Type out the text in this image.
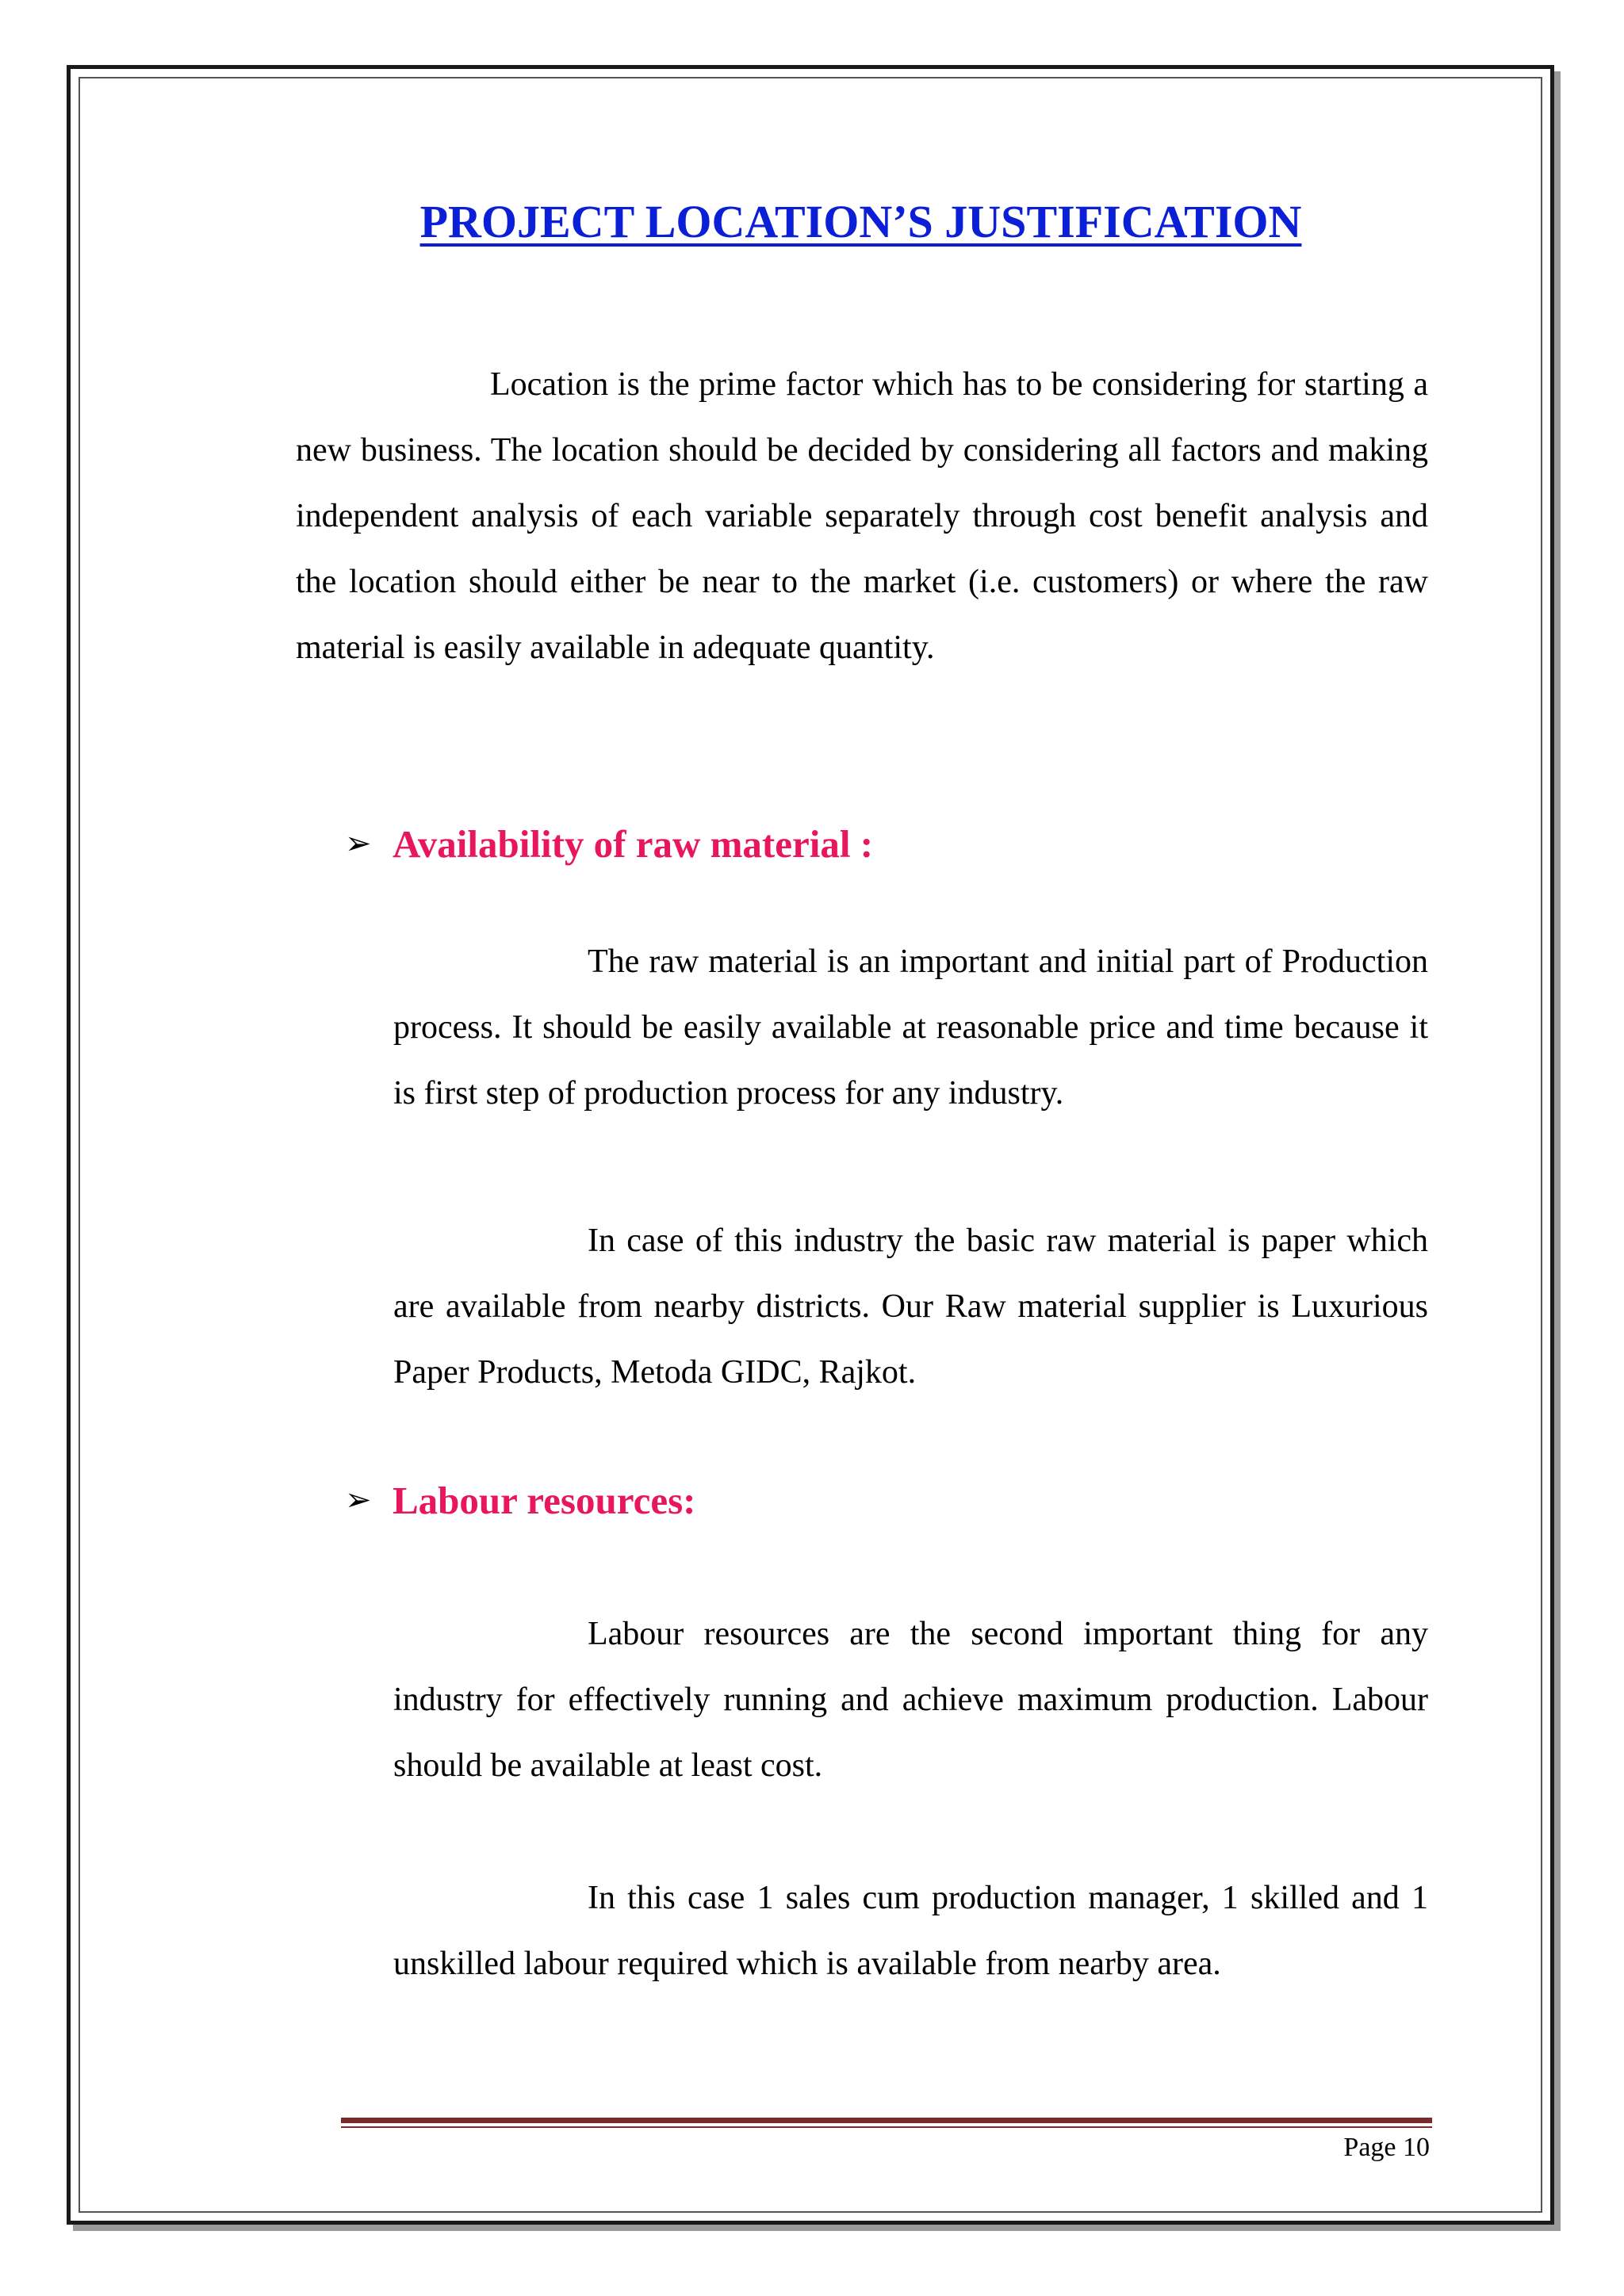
PROJECT LOCATION’S JUSTIFICATION
Location is the prime factor which has to be considering for starting a new business. The location should be decided by considering all factors and making independent analysis of each variable separately through cost benefit analysis and the location should either be near to the market (i.e. customers) or where the raw material is easily available in adequate quantity.
➢ Availability of raw material :
The raw material is an important and initial part of Production process. It should be easily available at reasonable price and time because it is first step of production process for any industry.
In case of this industry the basic raw material is paper which are available from nearby districts. Our Raw material supplier is Luxurious Paper Products, Metoda GIDC, Rajkot.
➢ Labour resources:
Labour resources are the second important thing for any industry for effectively running and achieve maximum production. Labour should be available at least cost.
In this case 1 sales cum production manager, 1 skilled and 1 unskilled labour required which is available from nearby area.
Page 10
